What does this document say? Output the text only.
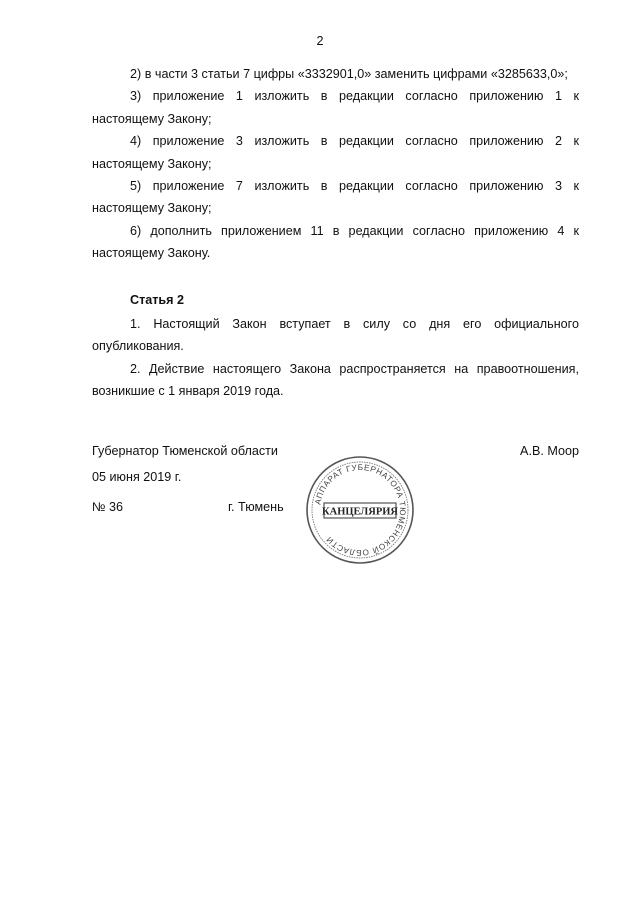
2

2) в части 3 статьи 7 цифры «3332901,0» заменить цифрами «3285633,0»;

3) приложение 1 изложить в редакции согласно приложению 1 к настоящему Закону;

4) приложение 3 изложить в редакции согласно приложению 2 к настоящему Закону;

5) приложение 7 изложить в редакции согласно приложению 3 к настоящему Закону;

6) дополнить приложением 11 в редакции согласно приложению 4 к настоящему Закону.

Статья 2

1. Настоящий Закон вступает в силу со дня его официального опубликования.

2. Действие настоящего Закона распространяется на правоотношения, возникшие с 1 января 2019 года.

Губернатор Тюменской области	А.В. Моор
05 июня 2019 г.
№ 36	г. Тюмень	АППАРАТ ГУБЕРНАТОРА ТЮМЕНСКОЙ ОБЛАСТИ
КАНЦЕЛЯРИЯ
